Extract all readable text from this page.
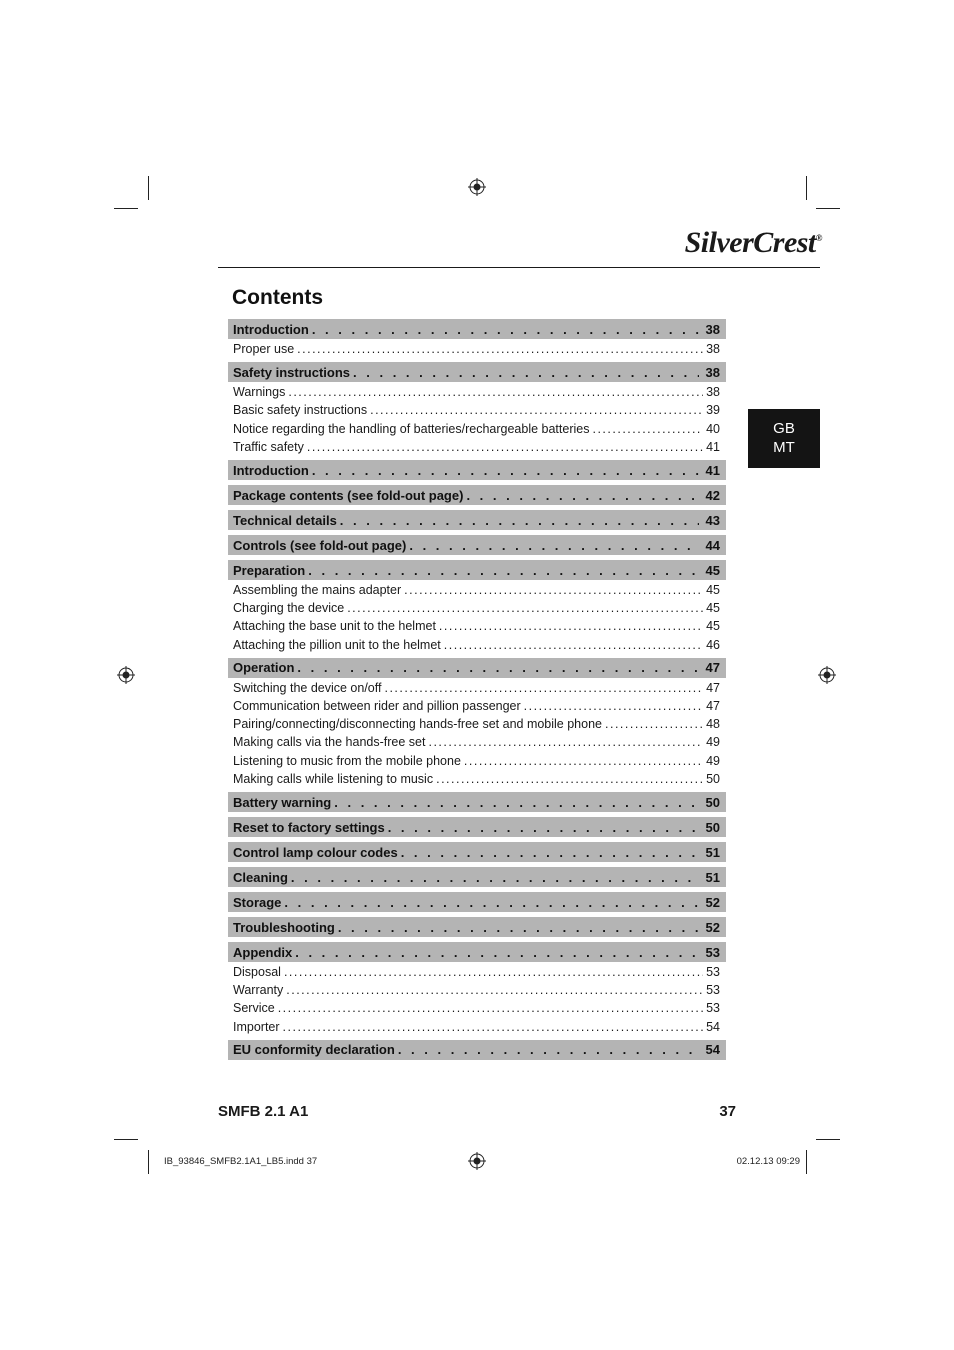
SilverCrest®
Contents
GB
MT
Introduction . . .	38
Proper use .....	38
Safety instructions . . .	38
Warnings .....	38
Basic safety instructions .....	39
Notice regarding the handling of batteries/rechargeable batteries .....	40
Traffic safety .....	41
Introduction . . .	41
Package contents (see fold-out page) . . .	42
Technical details . . .	43
Controls (see fold-out page) . . .	44
Preparation . . .	45
Assembling the mains adapter .....	45
Charging the device .....	45
Attaching the base unit to the helmet .....	45
Attaching the pillion unit to the helmet .....	46
Operation . . .	47
Switching the device on/off .....	47
Communication between rider and pillion passenger .....	47
Pairing/connecting/disconnecting hands-free set and mobile phone .....	48
Making calls via the hands-free set .....	49
Listening to music from the mobile phone .....	49
Making calls while listening to music .....	50
Battery warning . . .	50
Reset to factory settings . . .	50
Control lamp colour codes . . .	51
Cleaning . . .	51
Storage . . .	52
Troubleshooting . . .	52
Appendix . . .	53
Disposal .....	53
Warranty .....	53
Service .....	53
Importer .....	54
EU conformity declaration . . .	54
SMFB 2.1 A1	37
IB_93846_SMFB2.1A1_LB5.indd 37	02.12.13 09:29
